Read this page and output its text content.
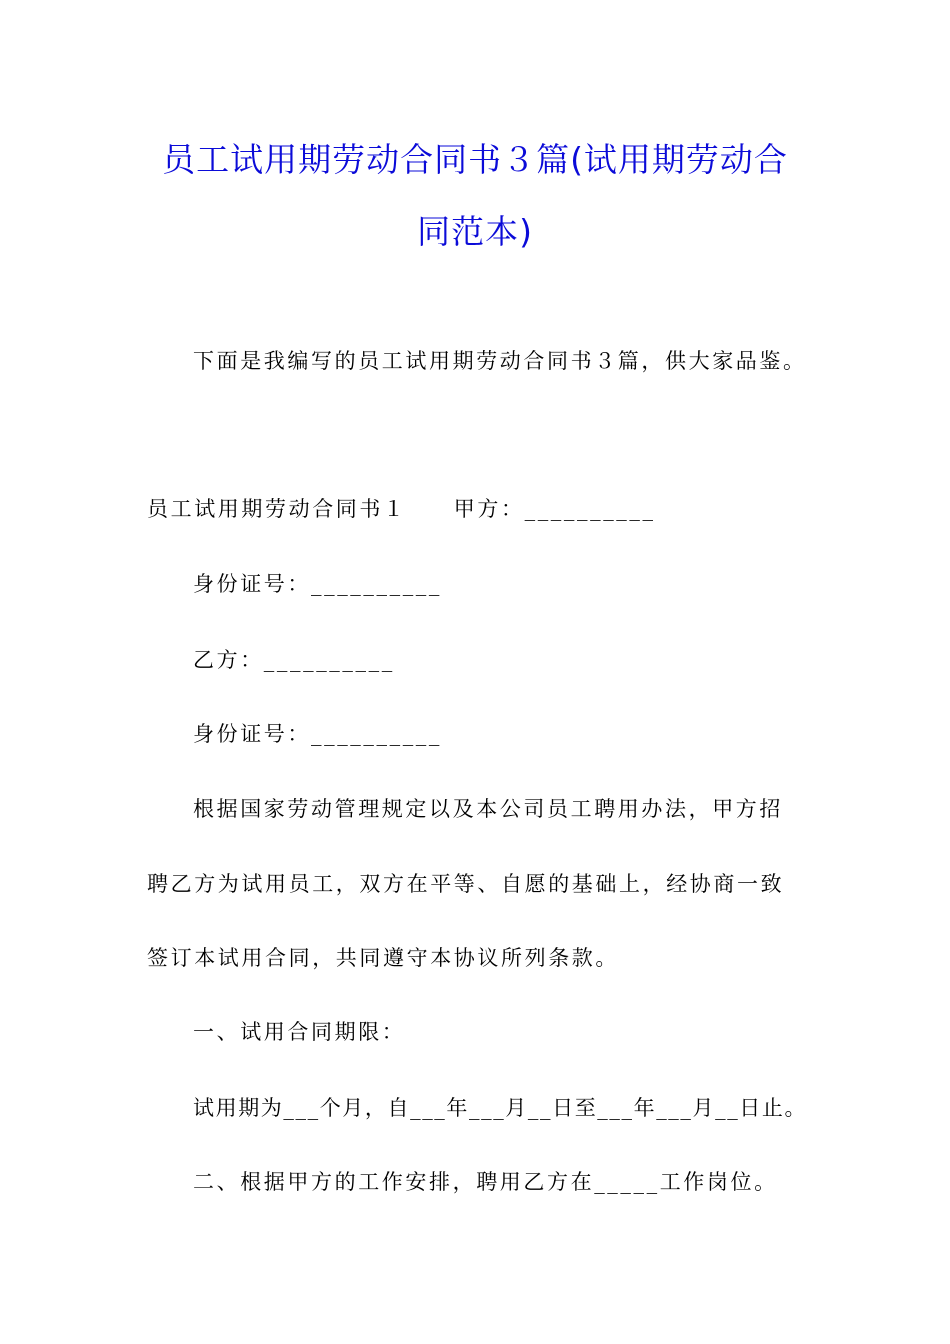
员工试用期劳动合同书３篇(试用期劳动合
同范本)
下面是我编写的员工试用期劳动合同书３篇，供大家品鉴。
员工试用期劳动合同书１　　甲方：__________
身份证号：__________
乙方：__________
身份证号：__________
根据国家劳动管理规定以及本公司员工聘用办法，甲方招
聘乙方为试用员工，双方在平等、自愿的基础上，经协商一致
签订本试用合同，共同遵守本协议所列条款。
一、试用合同期限：
试用期为___个月，自___年___月__日至___年___月__日止。
二、根据甲方的工作安排，聘用乙方在_____工作岗位。
